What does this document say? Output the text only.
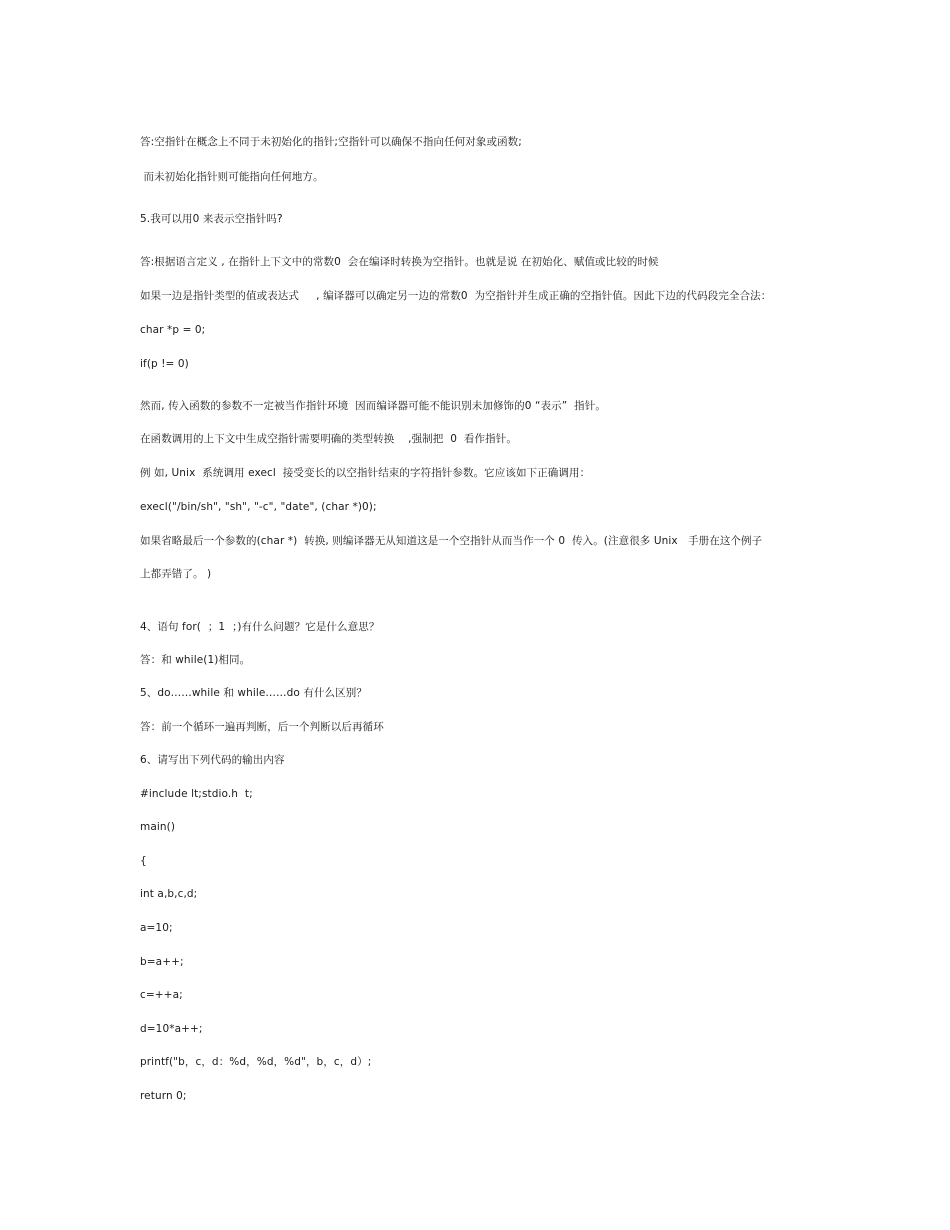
答:空指针在概念上不同于未初始化的指针;空指针可以确保不指向任何对象或函数;
而未初始化指针则可能指向任何地方。
5.我可以用0 来表示空指针吗?
答:根据语言定义 , 在指针上下文中的常数0  会在编译时转换为空指针。也就是说 在初始化、赋值或比较的时候
如果一边是指针类型的值或表达式     , 编译器可以确定另一边的常数0  为空指针并生成正确的空指针值。因此下边的代码段完全合法：
char *p = 0;
if(p != 0)
然而, 传入函数的参数不一定被当作指针环境  因而编译器可能不能识别未加修饰的0 “表示”  指针。
在函数调用的上下文中生成空指针需要明确的类型转换    ,强制把  0  看作指针。
例 如, Unix  系统调用 execl  接受变长的以空指针结束的字符指针参数。它应该如下正确调用：
execl("/bin/sh", "sh", "-c", "date", (char *)0);
如果省略最后一个参数的(char *)  转换, 则编译器无从知道这是一个空指针从而当作一个 0  传入。(注意很多 Unix   手册在这个例子
上都弄错了。 )
4、语句 for(  ；1  ；)有什么问题？它是什么意思？
答：和 while(1)相同。
5、do……while 和 while……do 有什么区别？
答：前一个循环一遍再判断，后一个判断以后再循环
6、请写出下列代码的输出内容
#include lt;stdio.h  t;
main()
{
int a,b,c,d;
a=10;
b=a++;
c=++a;
d=10*a++;
printf("b，c，d：%d，%d，%d"，b，c，d）;
return 0;
